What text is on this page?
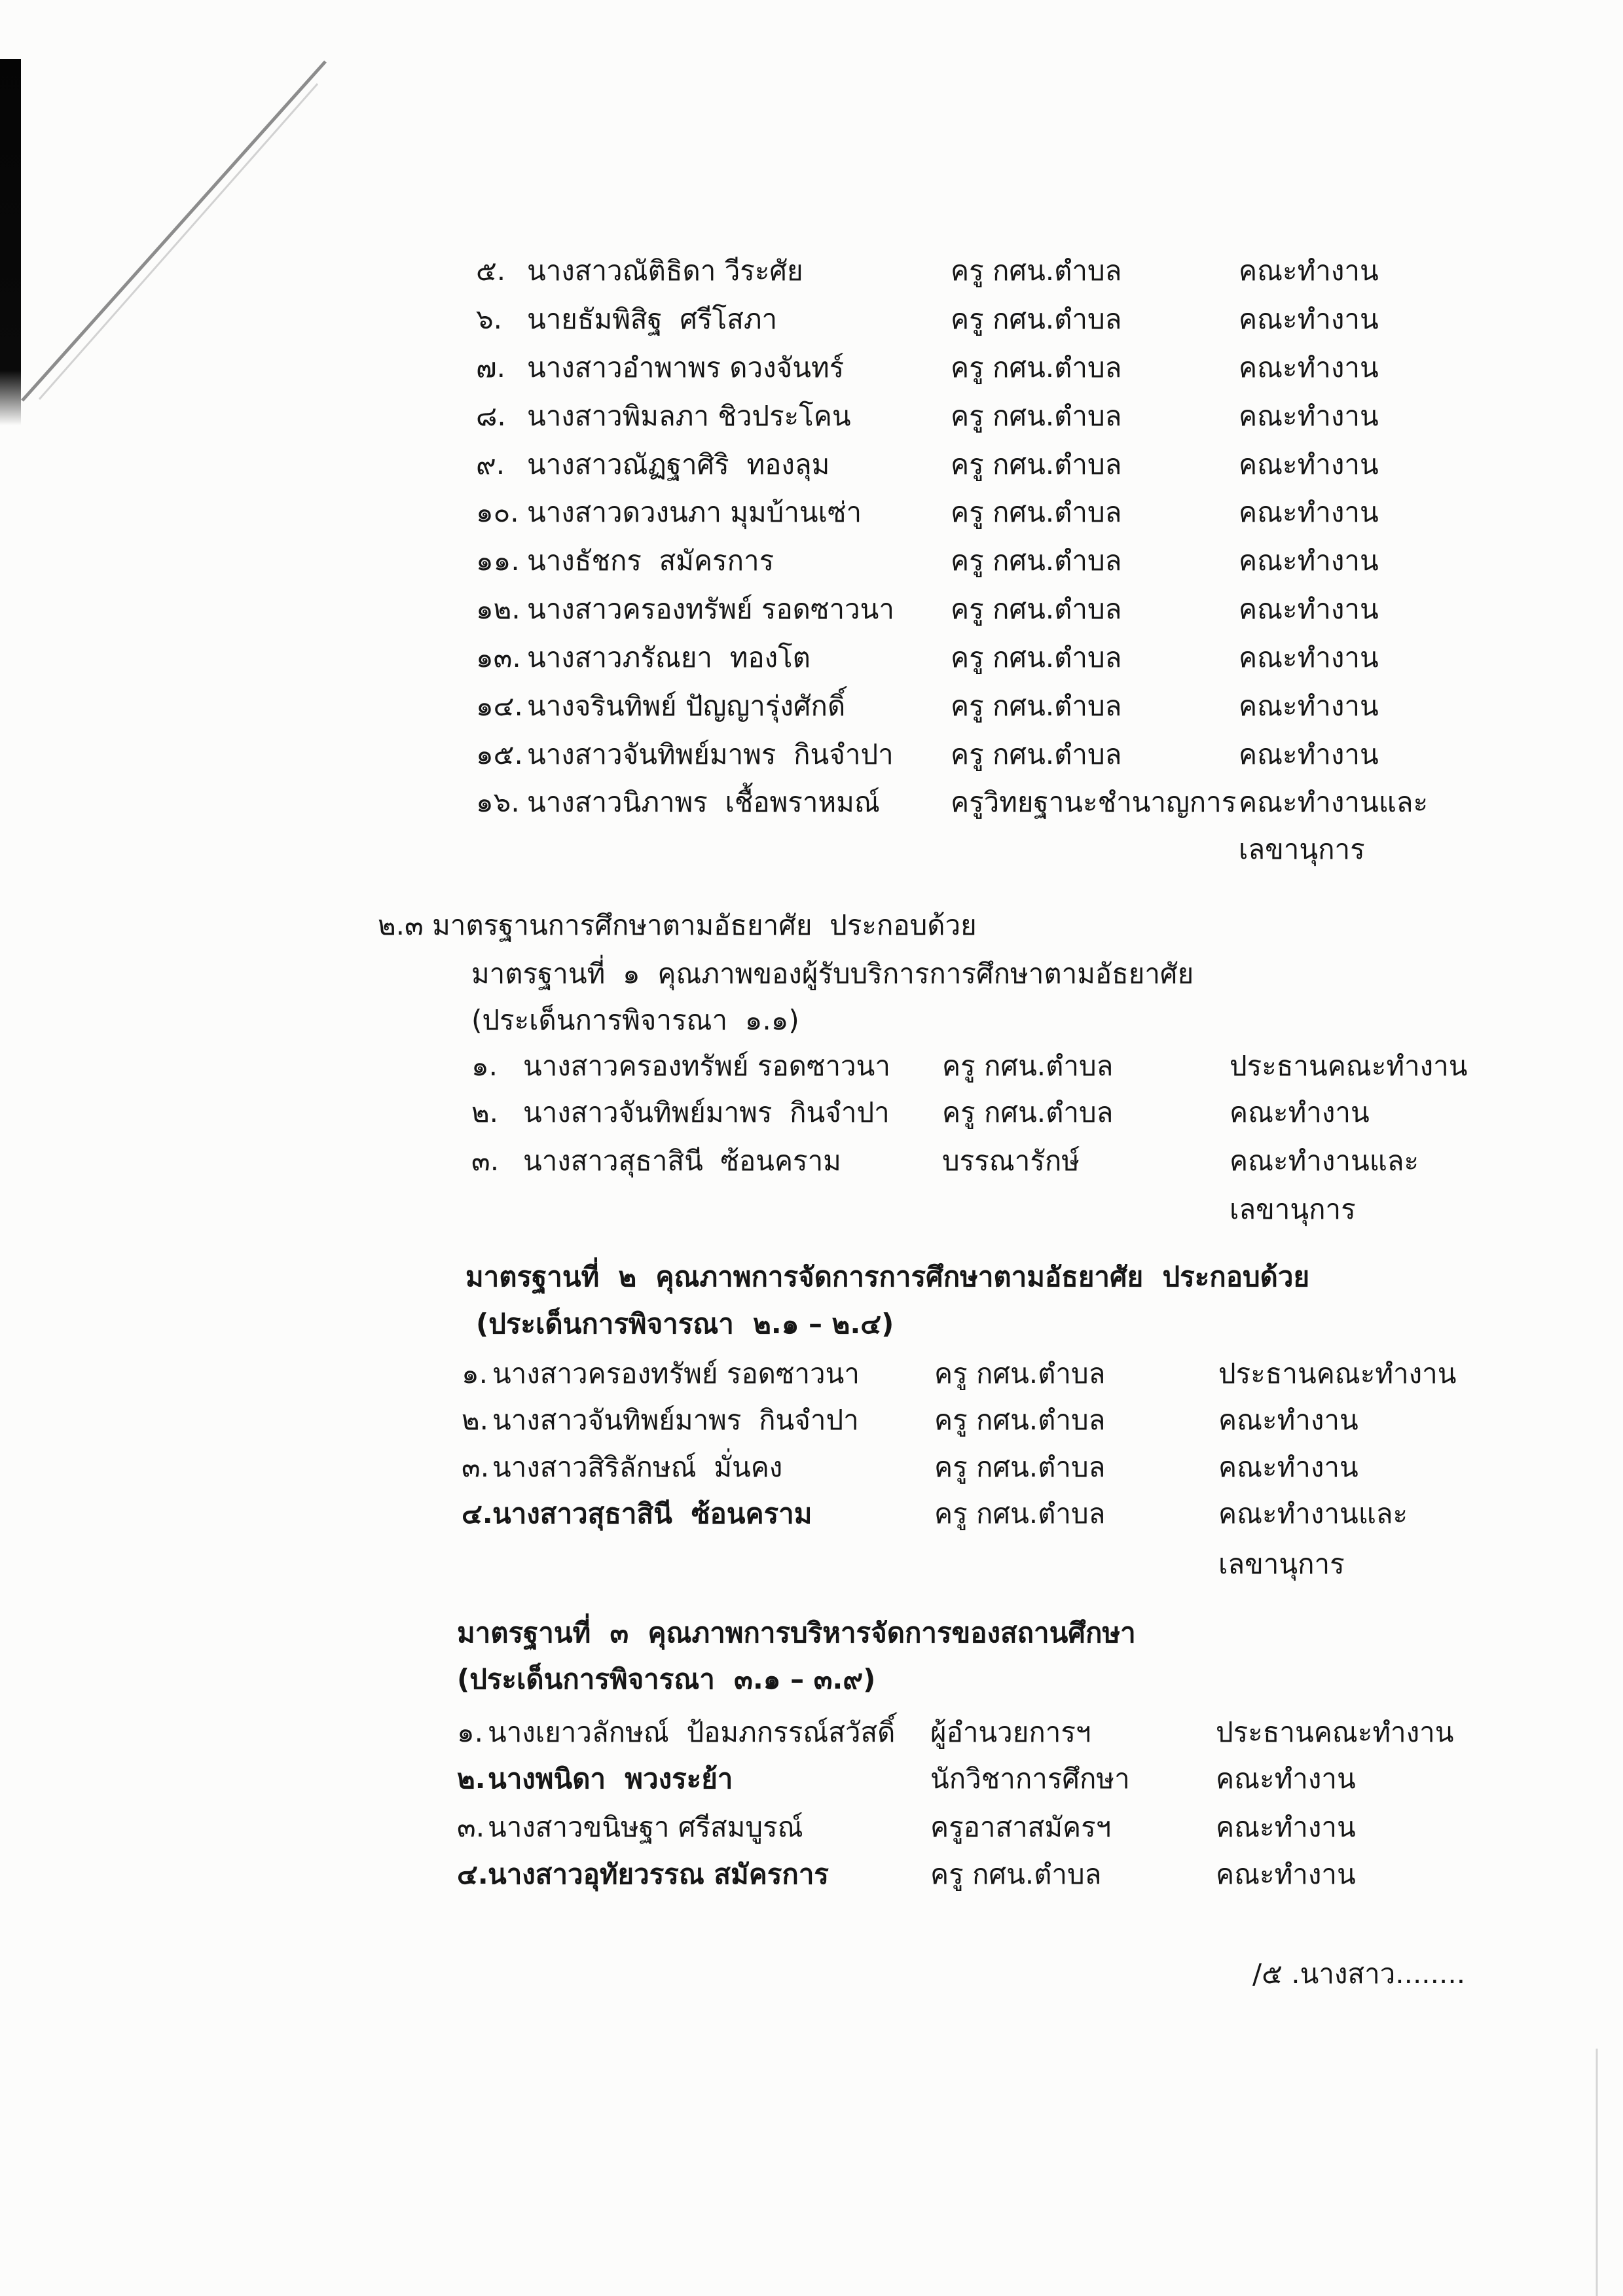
๕. นางสาวณัติธิดา วีระศัย	ครู กศน.ตำบล	คณะทำงาน
๖. นายธัมพิสิฐ  ศรีโสภา	ครู กศน.ตำบล	คณะทำงาน
๗. นางสาวอำพาพร ดวงจันทร์	ครู กศน.ตำบล	คณะทำงาน
๘. นางสาวพิมลภา ชิวประโคน	ครู กศน.ตำบล	คณะทำงาน
๙. นางสาวณัฏฐาศิริ  ทองลุม	ครู กศน.ตำบล	คณะทำงาน
๑๐. นางสาวดวงนภา มุมบ้านเซ่า	ครู กศน.ตำบล	คณะทำงาน
๑๑. นางธัชกร  สมัครการ	ครู กศน.ตำบล	คณะทำงาน
๑๒. นางสาวครองทรัพย์ รอดซาวนา ครู กศน.ตำบล	คณะทำงาน
๑๓. นางสาวภรัณยา  ทองโต	ครู กศน.ตำบล	คณะทำงาน
๑๔. นางจรินทิพย์ ปัญญารุ่งศักดิ์	ครู กศน.ตำบล	คณะทำงาน
๑๕. นางสาวจันทิพย์มาพร  กินจำปา ครู กศน.ตำบล	คณะทำงาน
๑๖. นางสาวนิภาพร  เชื้อพราหมณ์	ครูวิทยฐานะชำนาญการ คณะทำงานและ
เลขานุการ
๒.๓ มาตรฐานการศึกษาตามอัธยาศัย  ประกอบด้วย
มาตรฐานที่  ๑  คุณภาพของผู้รับบริการการศึกษาตามอัธยาศัย
(ประเด็นการพิจารณา  ๑.๑)
๑. นางสาวครองทรัพย์ รอดซาวนา ครู กศน.ตำบล	ประธานคณะทำงาน
๒. นางสาวจันทิพย์มาพร  กินจำปา ครู กศน.ตำบล	คณะทำงาน
๓. นางสาวสุธาสินี  ซ้อนคราม	บรรณารักษ์	คณะทำงานและ
เลขานุการ
มาตรฐานที่  ๒  คุณภาพการจัดการการศึกษาตามอัธยาศัย  ประกอบด้วย
(ประเด็นการพิจารณา  ๒.๑ – ๒.๔)
๑. นางสาวครองทรัพย์ รอดซาวนา	ครู กศน.ตำบล	ประธานคณะทำงาน
๒. นางสาวจันทิพย์มาพร  กินจำปา	ครู กศน.ตำบล	คณะทำงาน
๓. นางสาวสิริลักษณ์  มั่นคง	ครู กศน.ตำบล	คณะทำงาน
๔. นางสาวสุธาสินี  ซ้อนคราม	ครู กศน.ตำบล	คณะทำงานและ
เลขานุการ
มาตรฐานที่  ๓  คุณภาพการบริหารจัดการของสถานศึกษา
(ประเด็นการพิจารณา  ๓.๑ – ๓.๙)
๑. นางเยาวลักษณ์  ป้อมภกรรณ์สวัสดิ์ ผู้อำนวยการฯ	ประธานคณะทำงาน
๒. นางพนิดา  พวงระย้า	นักวิชาการศึกษา	คณะทำงาน
๓. นางสาวขนิษฐา ศรีสมบูรณ์	ครูอาสาสมัครฯ	คณะทำงาน
๔. นางสาวอุทัยวรรณ สมัครการ	ครู กศน.ตำบล	คณะทำงาน
/๕ .นางสาว........
